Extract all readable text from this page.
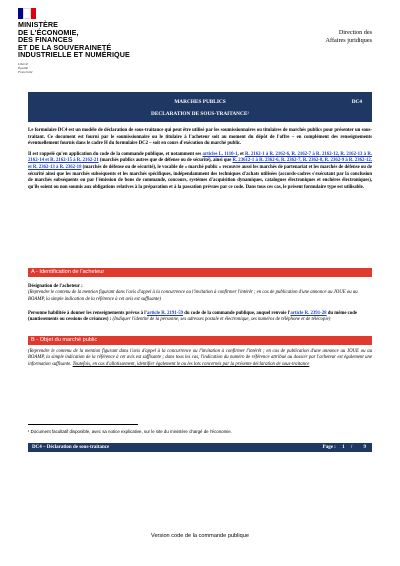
MINISTÈRE
DE L'ÉCONOMIE,
DES FINANCES
ET DE LA SOUVERAINETÉ
INDUSTRIELLE ET NUMÉRIQUE
Liberté
Égalité
Fraternité
Direction des
Affaires juridiques
MARCHES PUBLICS
DECLARATION DE SOUS-TRAITANCE¹
DC4

Le formulaire DC4 est un modèle de déclaration de sous-traitance qui peut être utilisé par les soumissionnaires ou titulaires de marchés publics pour présenter un sous-traitant. Ce document est fourni par le soumissionnaire ou le titulaire à l'acheteur soit au moment du dépôt de l'offre – en complément des renseignements éventuellement fournis dans le cadre H du formulaire DC2 – soit en cours d'exécution du marché public.

Il est rappelé qu'en application du code de la commande publique, et notamment ses articles L. 1110-1, et R. 2162-1 à R. 2162-6, R. 2162-7 à R. 2162-12, R. 2162-13 à R. 2162-14 et R. 2162-15 à R. 2162-21 (marchés publics autres que de défense ou de sécurité), ainsi que R. 23612-1 à R. 2362-6, R. 2362-7, R. 2362-8, R. 2362-9 à R. 2362-12, et R. 2362-13 à R. 2362-18 (marchés de défense ou de sécurité), le vocable de « marché public » recouvre aussi les marchés de partenariat et les marchés de défense ou de sécurité ainsi que les marchés subséquents et les marchés spécifiques, indépendamment des techniques d'achats utilisées (accords-cadres s'exécutant par la conclusion de marchés subséquents ou par l'émission de bons de commande, concours, systèmes d'acquisition dynamiques, catalogues électroniques et enchères électroniques), qu'ils soient ou non soumis aux obligations relatives à la préparation et à la passation prévues par ce code. Dans tous ces cas, le présent formulaire type est utilisable.

A - Identification de l'acheteur
Désignation de l'acheteur :
(Reprendre le contenu de la mention figurant dans l'avis d'appel à la concurrence ou l'invitation à confirmer l'intérêt ; en cas de publication d'une annonce au JOUE ou au BOAMP, la simple indication de la référence à cet avis est suffisante)
Personne habilitée à donner les renseignements prévus à l'article R. 2191-59 du code de la commande publique, auquel renvoie l'article R. 2391-28 du même code (nantissements ou cessions de créances) : (Indiquer l'identité de la personne, ses adresses postale et électronique, ses numéros de téléphone et de télécopie)
B - Objet du marché public
(Reprendre le contenu de la mention figurant dans l'avis d'appel à la concurrence ou l'invitation à confirmer l'intérêt ; en cas de publication d'une annonce au JOUE ou au BOAMP, la simple indication de la référence à cet avis est suffisante ; dans tous les cas, l'indication du numéro de référence attribué au dossier par l'acheteur est également une information suffisante. Toutefois, en cas d'allotissement, identifier également le ou les lots concernés par la présente déclaration de sous-traitance
¹ Document facultatif disponible, avec sa notice explicative, sur le site du ministère chargé de l'économie.
DC4 – Déclaration de sous-traitance	Page : 1 / 9
Version code de la commande publique
